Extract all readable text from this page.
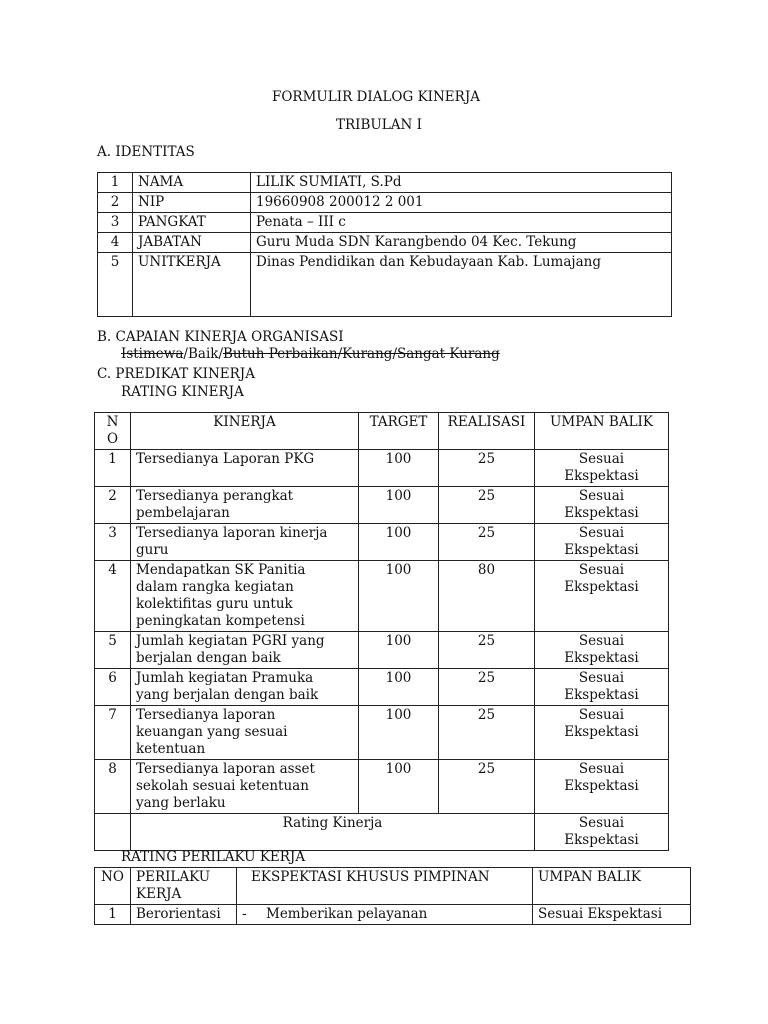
FORMULIR DIALOG KINERJA
TRIBULAN I
A. IDENTITAS
1	NAMA	LILIK SUMIATI, S.Pd
2	NIP	19660908 200012 2 001
3	PANGKAT	Penata – III c
4	JABATAN	Guru Muda SDN Karangbendo 04 Kec. Tekung
5	UNITKERJA	Dinas Pendidikan dan Kebudayaan Kab. Lumajang
B. CAPAIAN KINERJA ORGANISASI
Istimewa/Baik/Butuh Perbaikan/Kurang/Sangat Kurang
C. PREDIKAT KINERJA
RATING KINERJA
N
O	KINERJA	TARGET	REALISASI	UMPAN BALIK
1	Tersedianya Laporan PKG	100	25	Sesuai
Ekspektasi
2	Tersedianya perangkat
pembelajaran	100	25	Sesuai
Ekspektasi
3	Tersedianya laporan kinerja
guru	100	25	Sesuai
Ekspektasi
4	Mendapatkan SK Panitia
dalam rangka kegiatan
kolektifitas guru untuk
peningkatan kompetensi	100	80	Sesuai
Ekspektasi
5	Jumlah kegiatan PGRI yang
berjalan dengan baik	100	25	Sesuai
Ekspektasi
6	Jumlah kegiatan Pramuka
yang berjalan dengan baik	100	25	Sesuai
Ekspektasi
7	Tersedianya laporan
keuangan yang sesuai
ketentuan	100	25	Sesuai
Ekspektasi
8	Tersedianya laporan asset
sekolah sesuai ketentuan
yang berlaku	100	25	Sesuai
Ekspektasi
	Rating Kinerja			Sesuai
Ekspektasi
RATING PERILAKU KERJA
NO	PERILAKU
KERJA	EKSPEKTASI KHUSUS PIMPINAN	UMPAN BALIK
1	Berorientasi	- Memberikan pelayanan	Sesuai Ekspektasi
